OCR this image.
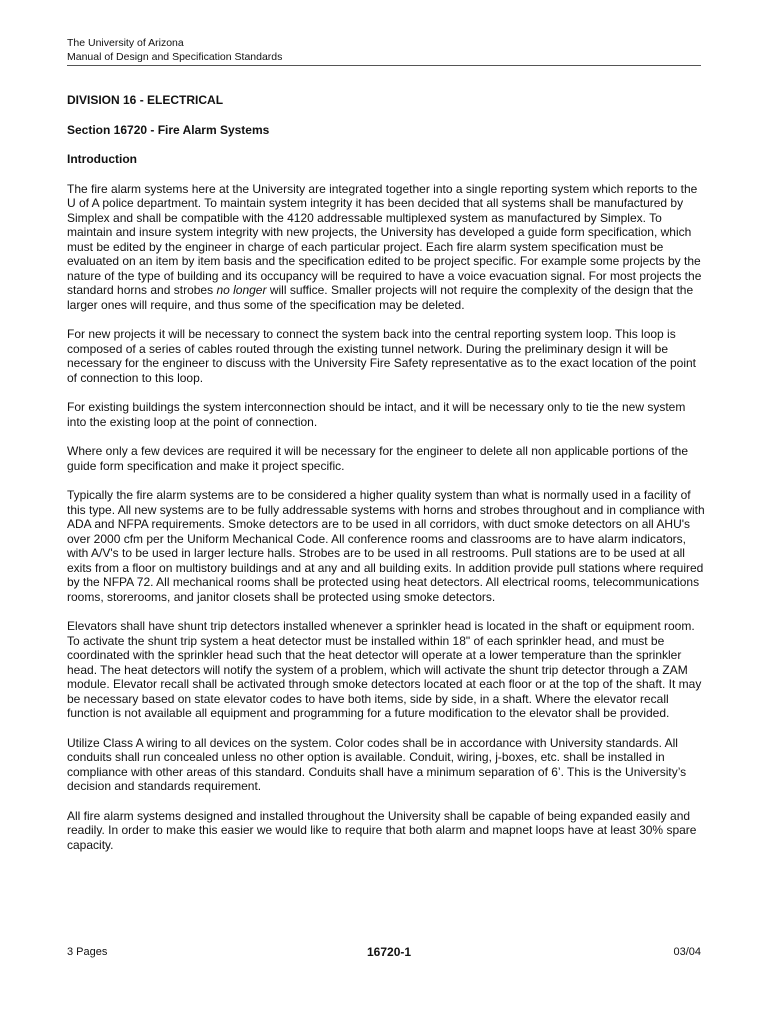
The University of Arizona
Manual of Design and Specification Standards
DIVISION 16 - ELECTRICAL
Section 16720 - Fire Alarm Systems
Introduction

The fire alarm systems here at the University are integrated together into a single reporting system which reports to the U of A police department. To maintain system integrity it has been decided that all systems shall be manufactured by Simplex and shall be compatible with the 4120 addressable multiplexed system as manufactured by Simplex. To maintain and insure system integrity with new projects, the University has developed a guide form specification, which must be edited by the engineer in charge of each particular project. Each fire alarm system specification must be evaluated on an item by item basis and the specification edited to be project specific. For example some projects by the nature of the type of building and its occupancy will be required to have a voice evacuation signal. For most projects the standard horns and strobes no longer will suffice. Smaller projects will not require the complexity of the design that the larger ones will require, and thus some of the specification may be deleted.

For new projects it will be necessary to connect the system back into the central reporting system loop. This loop is composed of a series of cables routed through the existing tunnel network. During the preliminary design it will be necessary for the engineer to discuss with the University Fire Safety representative as to the exact location of the point of connection to this loop.

For existing buildings the system interconnection should be intact, and it will be necessary only to tie the new system into the existing loop at the point of connection.

Where only a few devices are required it will be necessary for the engineer to delete all non applicable portions of the guide form specification and make it project specific.

Typically the fire alarm systems are to be considered a higher quality system than what is normally used in a facility of this type. All new systems are to be fully addressable systems with horns and strobes throughout and in compliance with ADA and NFPA requirements. Smoke detectors are to be used in all corridors, with duct smoke detectors on all AHU's over 2000 cfm per the Uniform Mechanical Code. All conference rooms and classrooms are to have alarm indicators, with A/V's to be used in larger lecture halls. Strobes are to be used in all restrooms. Pull stations are to be used at all exits from a floor on multistory buildings and at any and all building exits. In addition provide pull stations where required by the NFPA 72. All mechanical rooms shall be protected using heat detectors. All electrical rooms, telecommunications rooms, storerooms, and janitor closets shall be protected using smoke detectors.

Elevators shall have shunt trip detectors installed whenever a sprinkler head is located in the shaft or equipment room. To activate the shunt trip system a heat detector must be installed within 18" of each sprinkler head, and must be coordinated with the sprinkler head such that the heat detector will operate at a lower temperature than the sprinkler head. The heat detectors will notify the system of a problem, which will activate the shunt trip detector through a ZAM module. Elevator recall shall be activated through smoke detectors located at each floor or at the top of the shaft. It may be necessary based on state elevator codes to have both items, side by side, in a shaft. Where the elevator recall function is not available all equipment and programming for a future modification to the elevator shall be provided.

Utilize Class A wiring to all devices on the system. Color codes shall be in accordance with University standards. All conduits shall run concealed unless no other option is available. Conduit, wiring, j-boxes, etc. shall be installed in compliance with other areas of this standard. Conduits shall have a minimum separation of 6’. This is the University’s decision and standards requirement.

All fire alarm systems designed and installed throughout the University shall be capable of being expanded easily and readily. In order to make this easier we would like to require that both alarm and mapnet loops have at least 30% spare capacity.

3 Pages	16720-1	03/04
